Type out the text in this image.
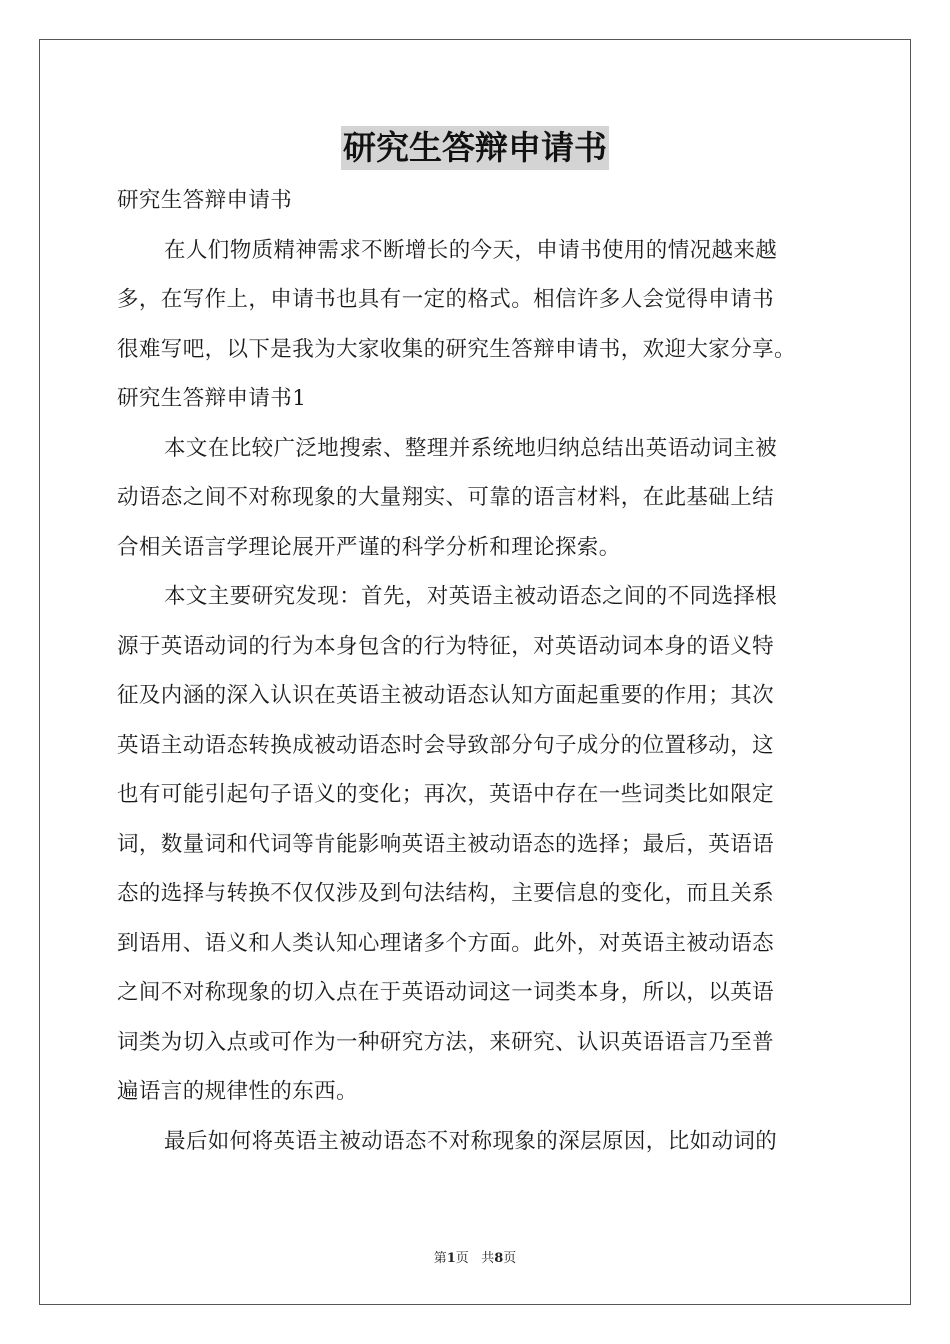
研究生答辩申请书
研究生答辩申请书
在人们物质精神需求不断增长的今天，申请书使用的情况越来越
多，在写作上，申请书也具有一定的格式。相信许多人会觉得申请书
很难写吧，以下是我为大家收集的研究生答辩申请书，欢迎大家分享。
研究生答辩申请书1
本文在比较广泛地搜索、整理并系统地归纳总结出英语动词主被
动语态之间不对称现象的大量翔实、可靠的语言材料，在此基础上结
合相关语言学理论展开严谨的科学分析和理论探索。
本文主要研究发现：首先，对英语主被动语态之间的不同选择根
源于英语动词的行为本身包含的行为特征，对英语动词本身的语义特
征及内涵的深入认识在英语主被动语态认知方面起重要的作用；其次
英语主动语态转换成被动语态时会导致部分句子成分的位置移动，这
也有可能引起句子语义的变化；再次，英语中存在一些词类比如限定
词，数量词和代词等肯能影响英语主被动语态的选择；最后，英语语
态的选择与转换不仅仅涉及到句法结构，主要信息的变化，而且关系
到语用、语义和人类认知心理诸多个方面。此外，对英语主被动语态
之间不对称现象的切入点在于英语动词这一词类本身，所以，以英语
词类为切入点或可作为一种研究方法，来研究、认识英语语言乃至普
遍语言的规律性的东西。
最后如何将英语主被动语态不对称现象的深层原因，比如动词的
第1页 共8页
